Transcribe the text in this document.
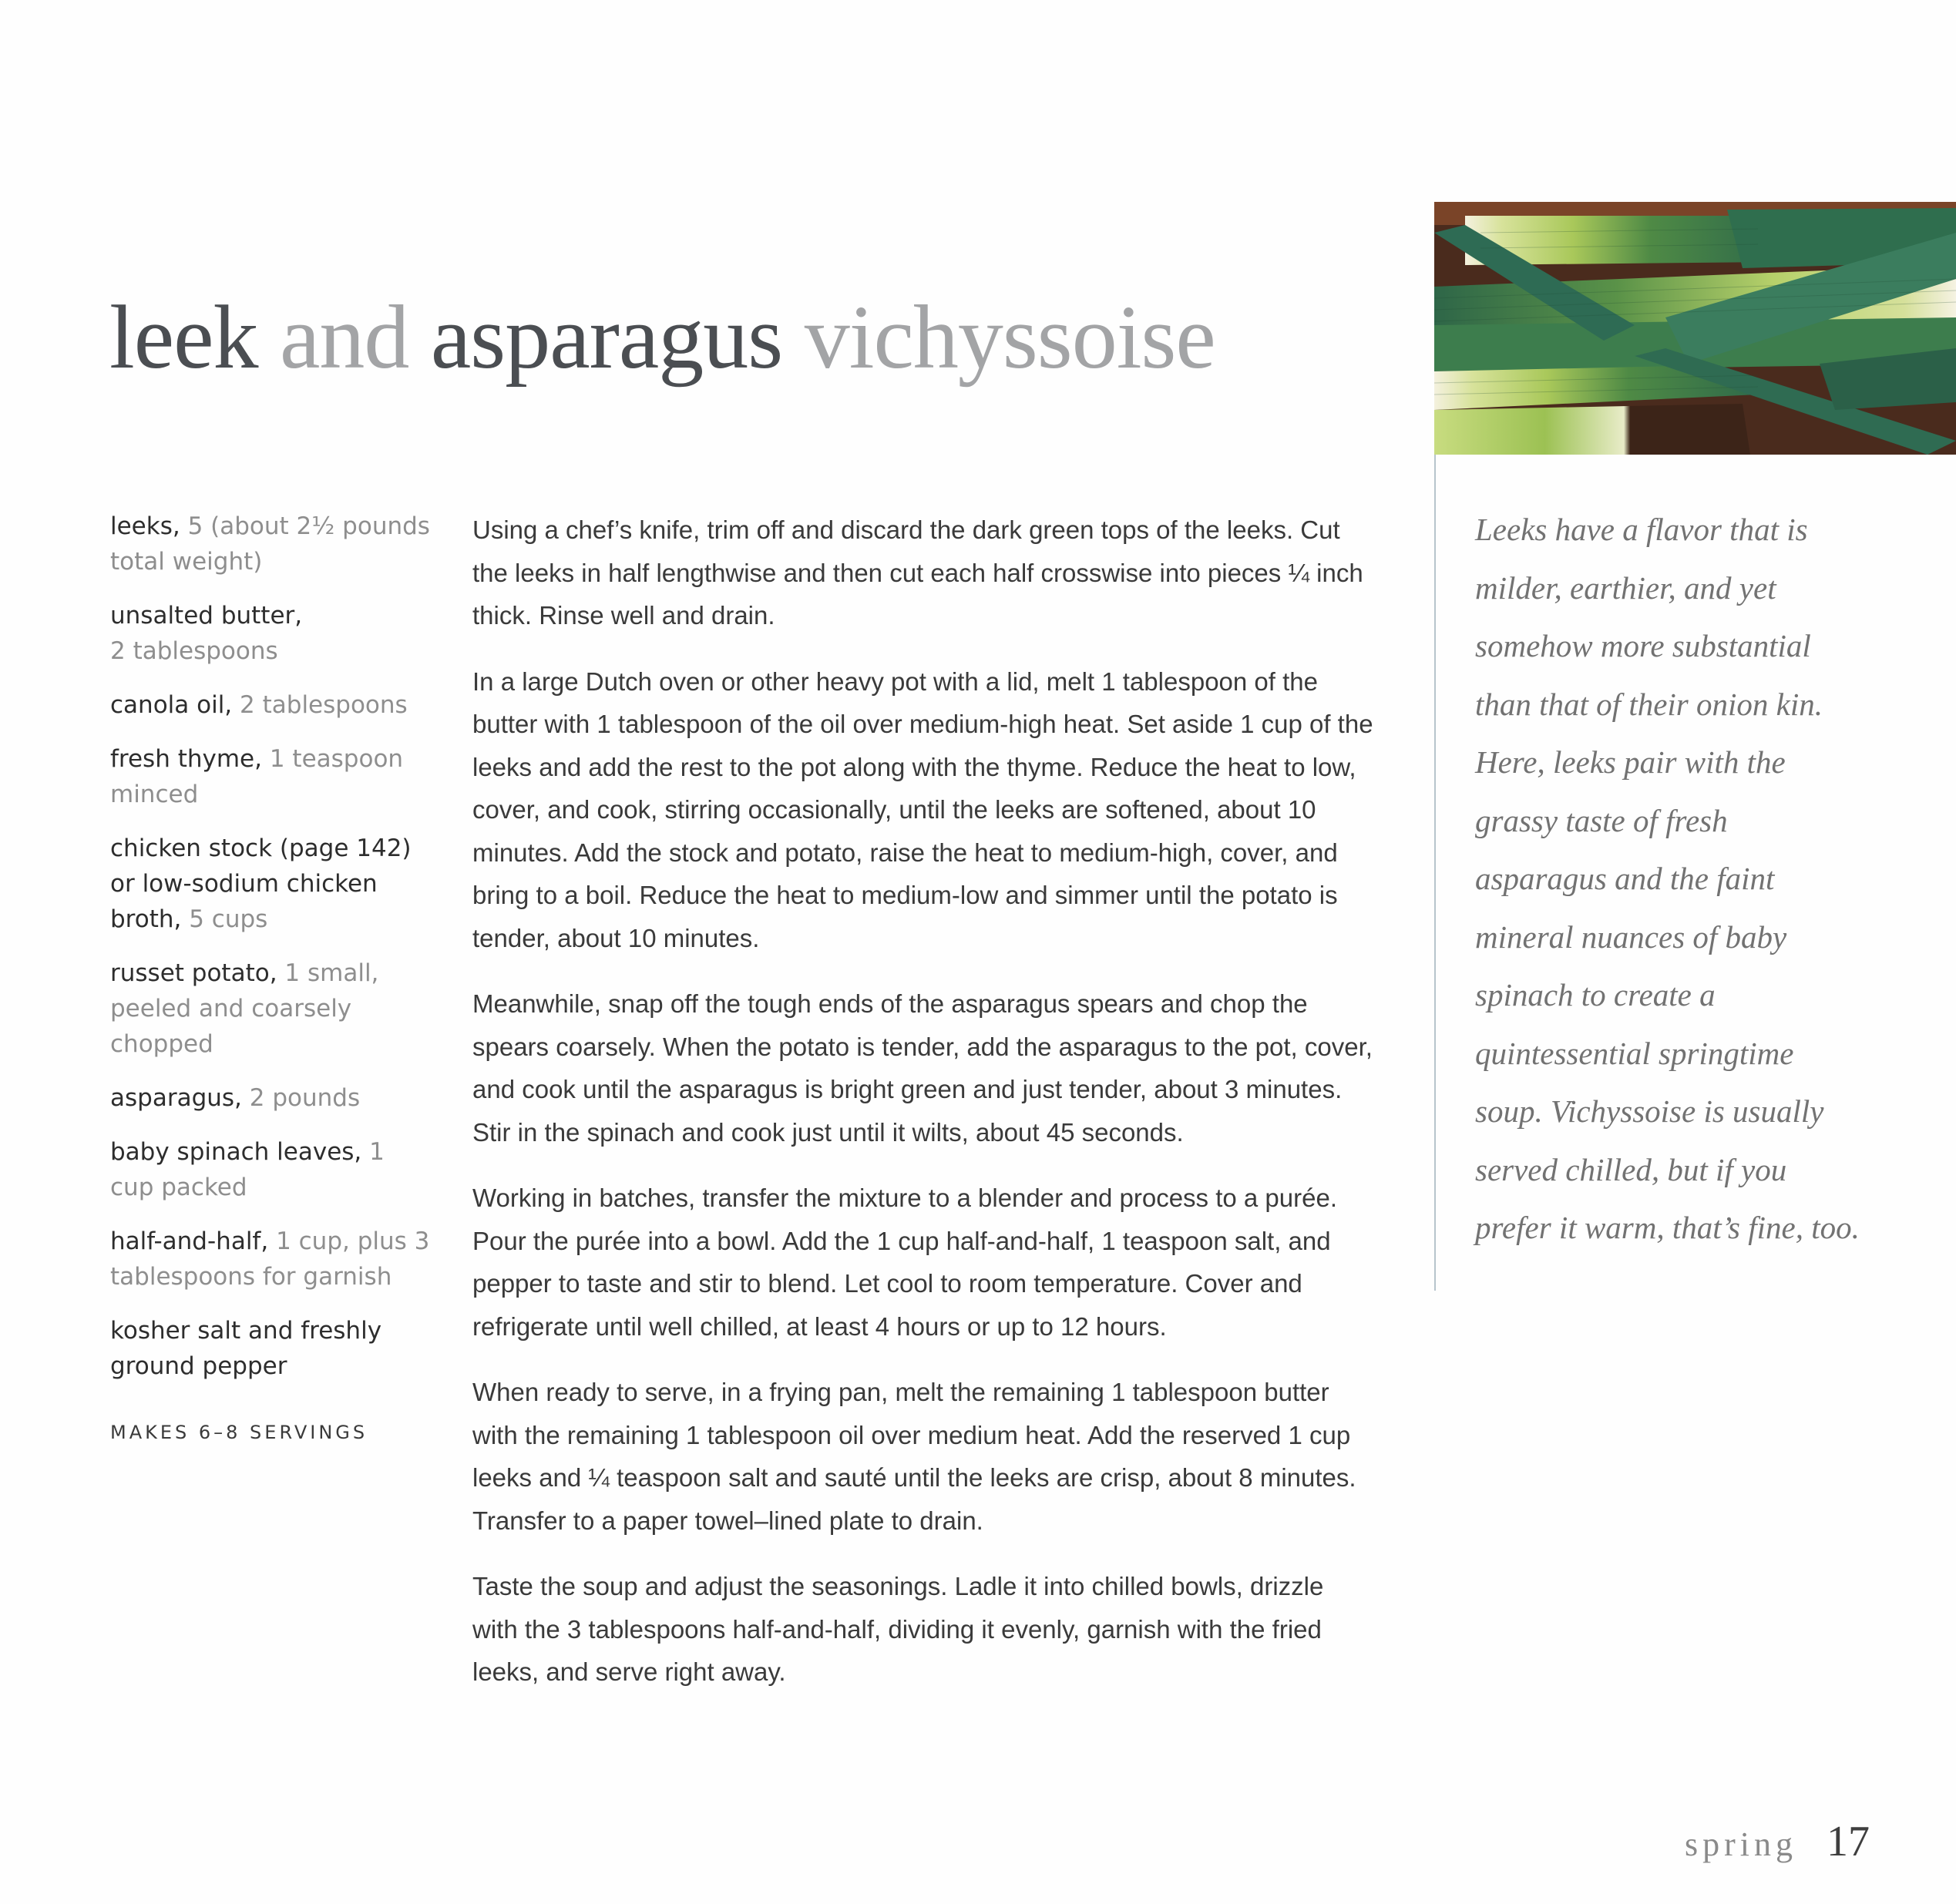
leek and asparagus vichyssoise
leeks, 5 (about 2½ pounds total weight)
unsalted butter,
2 tablespoons
canola oil, 2 tablespoons
fresh thyme, 1 teaspoon minced
chicken stock (page 142) or low-sodium chicken broth, 5 cups
russet potato, 1 small, peeled and coarsely chopped
asparagus, 2 pounds
baby spinach leaves, 1 cup packed
half-and-half, 1 cup, plus 3 tablespoons for garnish
kosher salt and freshly ground pepper
MAKES 6–8 SERVINGS

Using a chef’s knife, trim off and discard the dark green tops of the leeks. Cut the leeks in half lengthwise and then cut each half crosswise into pieces ¼ inch thick. Rinse well and drain.

In a large Dutch oven or other heavy pot with a lid, melt 1 tablespoon of the butter with 1 tablespoon of the oil over medium-high heat. Set aside 1 cup of the leeks and add the rest to the pot along with the thyme. Reduce the heat to low, cover, and cook, stirring occasionally, until the leeks are softened, about 10 minutes. Add the stock and potato, raise the heat to medium-high, cover, and bring to a boil. Reduce the heat to medium-low and simmer until the potato is tender, about 10 minutes.

Meanwhile, snap off the tough ends of the asparagus spears and chop the spears coarsely. When the potato is tender, add the asparagus to the pot, cover, and cook until the asparagus is bright green and just tender, about 3 minutes. Stir in the spinach and cook just until it wilts, about 45 seconds.

Working in batches, transfer the mixture to a blender and process to a purée. Pour the purée into a bowl. Add the 1 cup half-and-half, 1 teaspoon salt, and pepper to taste and stir to blend. Let cool to room temperature. Cover and refrigerate until well chilled, at least 4 hours or up to 12 hours.

When ready to serve, in a frying pan, melt the remaining 1 tablespoon butter with the remaining 1 tablespoon oil over medium heat. Add the reserved 1 cup leeks and ¼ teaspoon salt and sauté until the leeks are crisp, about 8 minutes. Transfer to a paper towel–lined plate to drain.

Taste the soup and adjust the seasonings. Ladle it into chilled bowls, drizzle with the 3 tablespoons half-and-half, dividing it evenly, garnish with the fried leeks, and serve right away.

Leeks have a flavor that is milder, earthier, and yet somehow more substantial than that of their onion kin. Here, leeks pair with the grassy taste of fresh asparagus and the faint mineral nuances of baby spinach to create a quintessential springtime soup. Vichyssoise is usually served chilled, but if you prefer it warm, that’s fine, too.
spring 17
